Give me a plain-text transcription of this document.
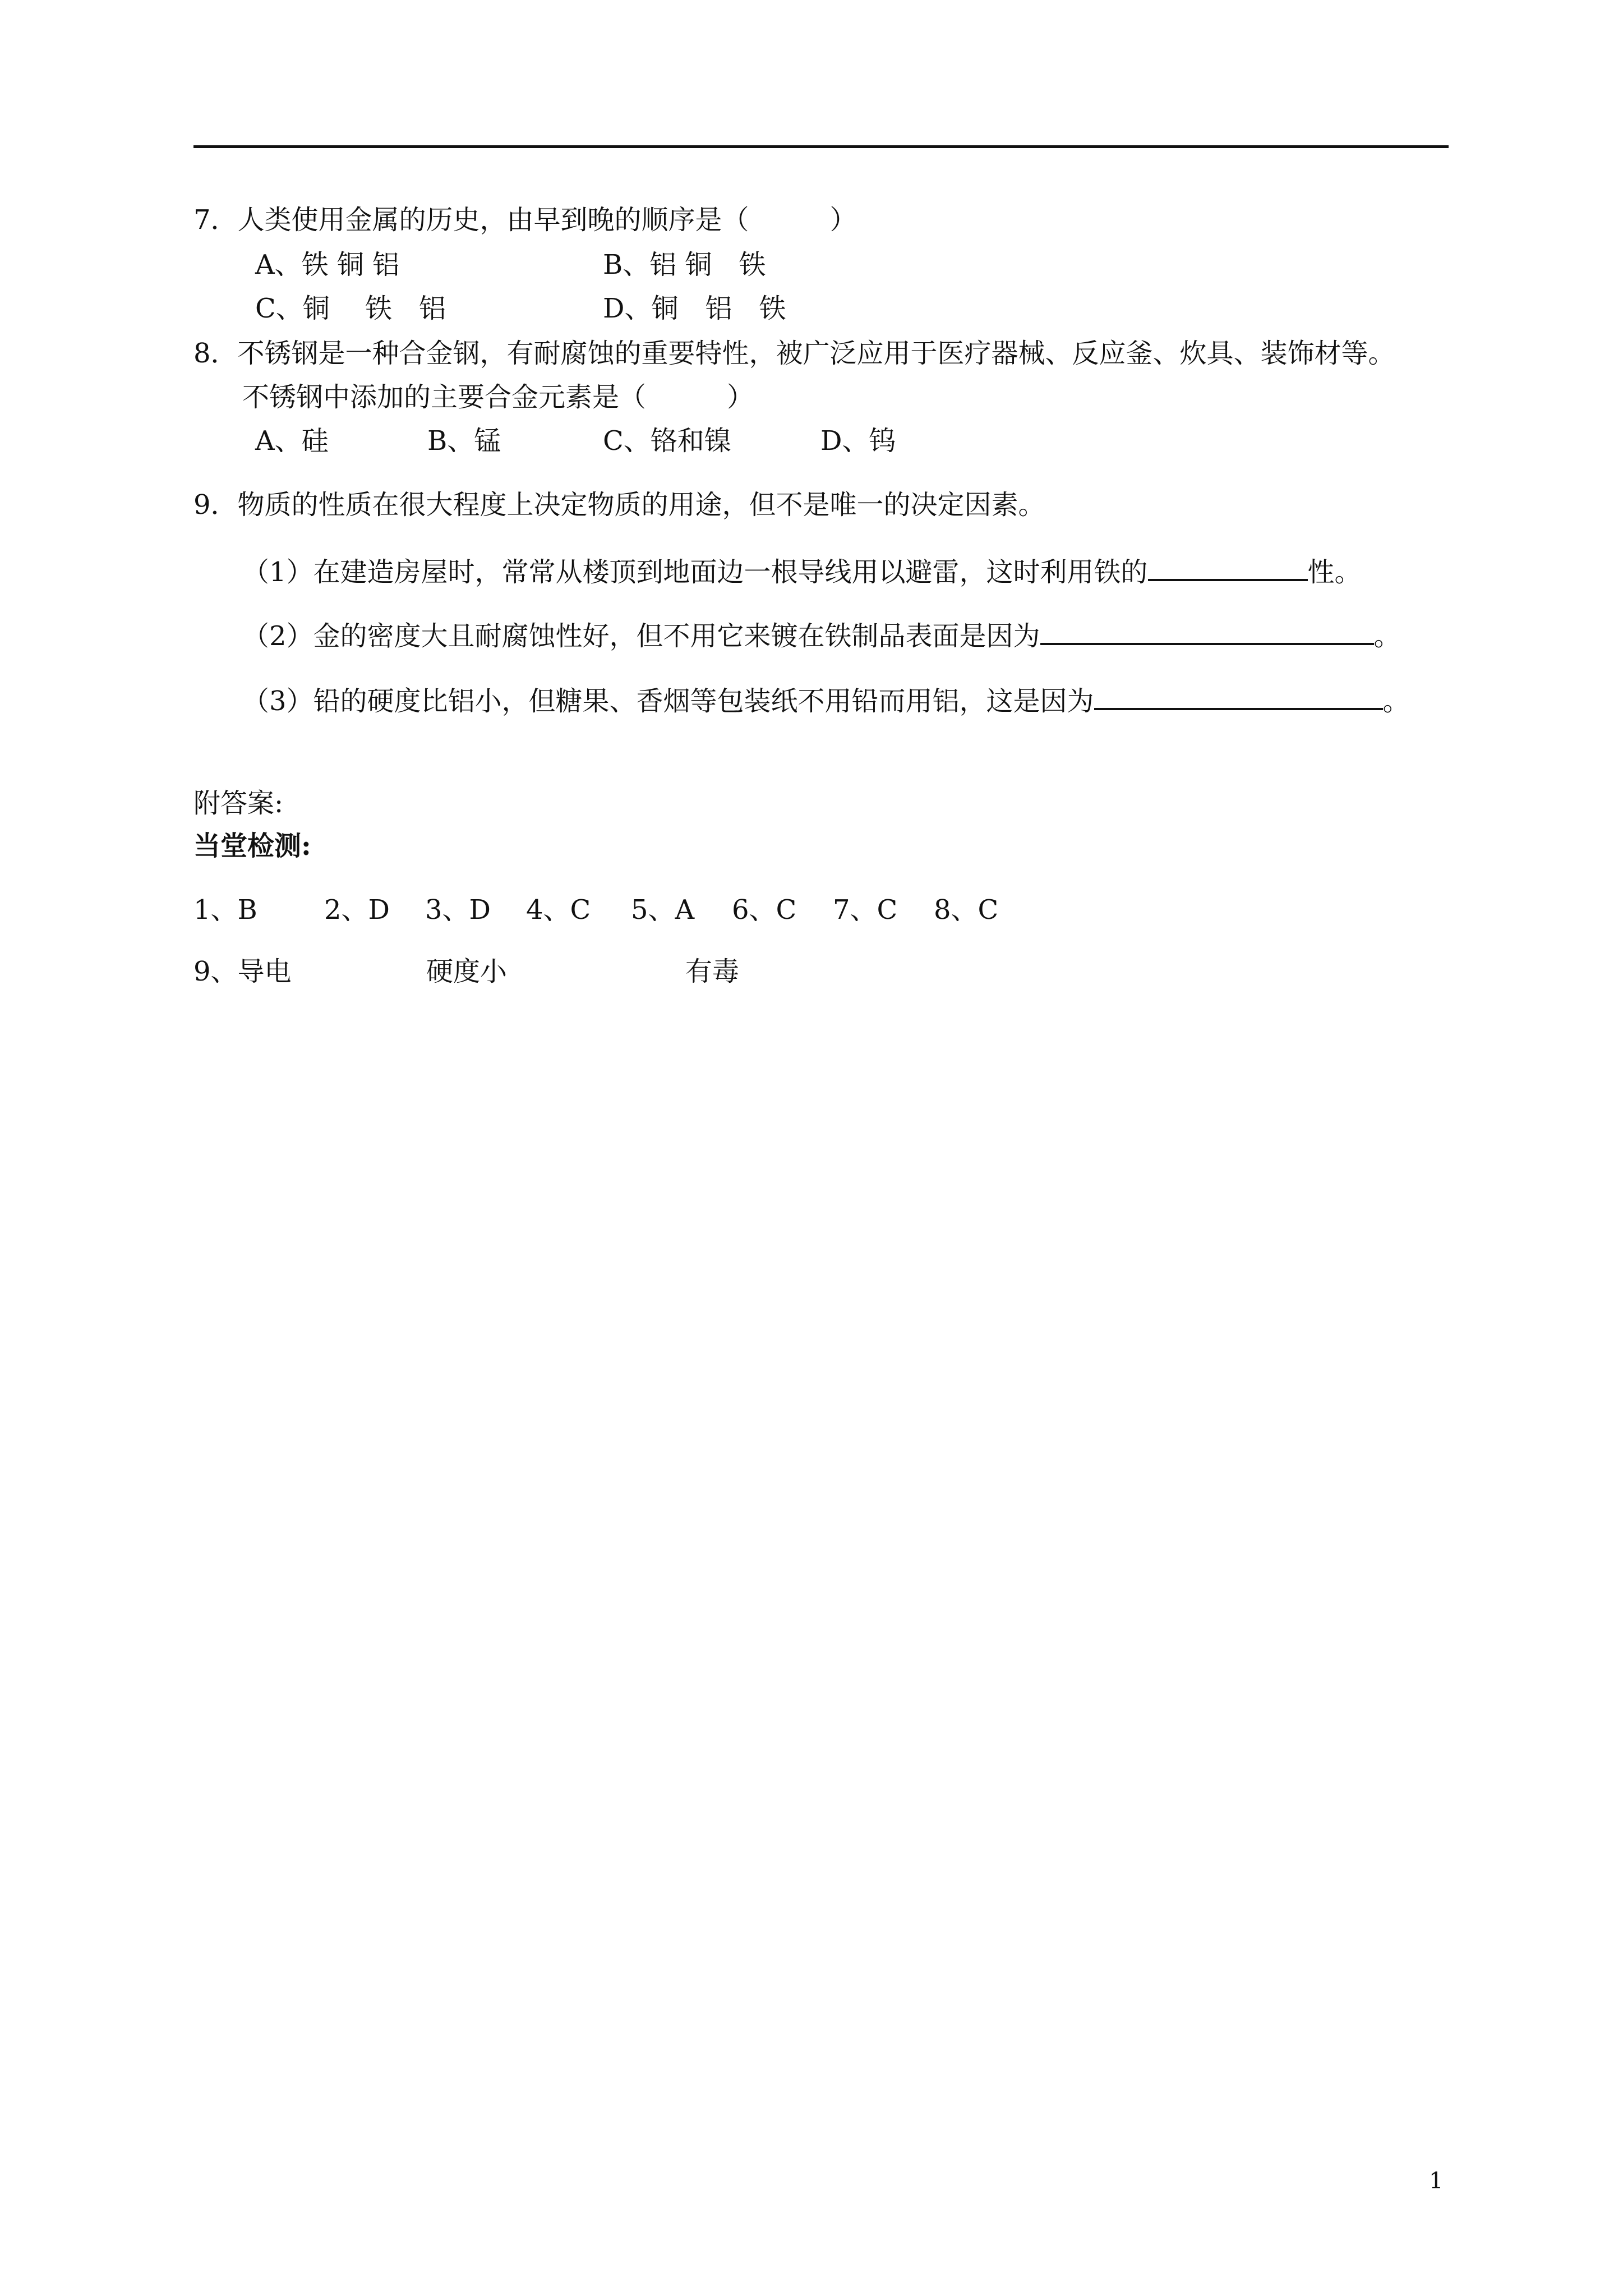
7．人类使用金属的历史，由早到晚的顺序是（　　　）
A、铁 铜 铝	B、铝 铜　铁
C、铜　 铁　铝	D、铜　铝　铁
8．不锈钢是一种合金钢，有耐腐蚀的重要特性，被广泛应用于医疗器械、反应釜、炊具、装饰材等。
不锈钢中添加的主要合金元素是（　　　）
A、硅	B、锰	C、铬和镍	D、钨
9．物质的性质在很大程度上决定物质的用途，但不是唯一的决定因素。
（1）在建造房屋时，常常从楼顶到地面边一根导线用以避雷，这时利用铁的	性。
（2）金的密度大且耐腐蚀性好，但不用它来镀在铁制品表面是因为	。
（3）铅的硬度比铝小，但糖果、香烟等包装纸不用铅而用铝，这是因为	。
附答案:
当堂检测:
1、B 2、D 3、D 4、C 5、A 6、C 7、C 8、C
9、导电	硬度小	有毒
1
